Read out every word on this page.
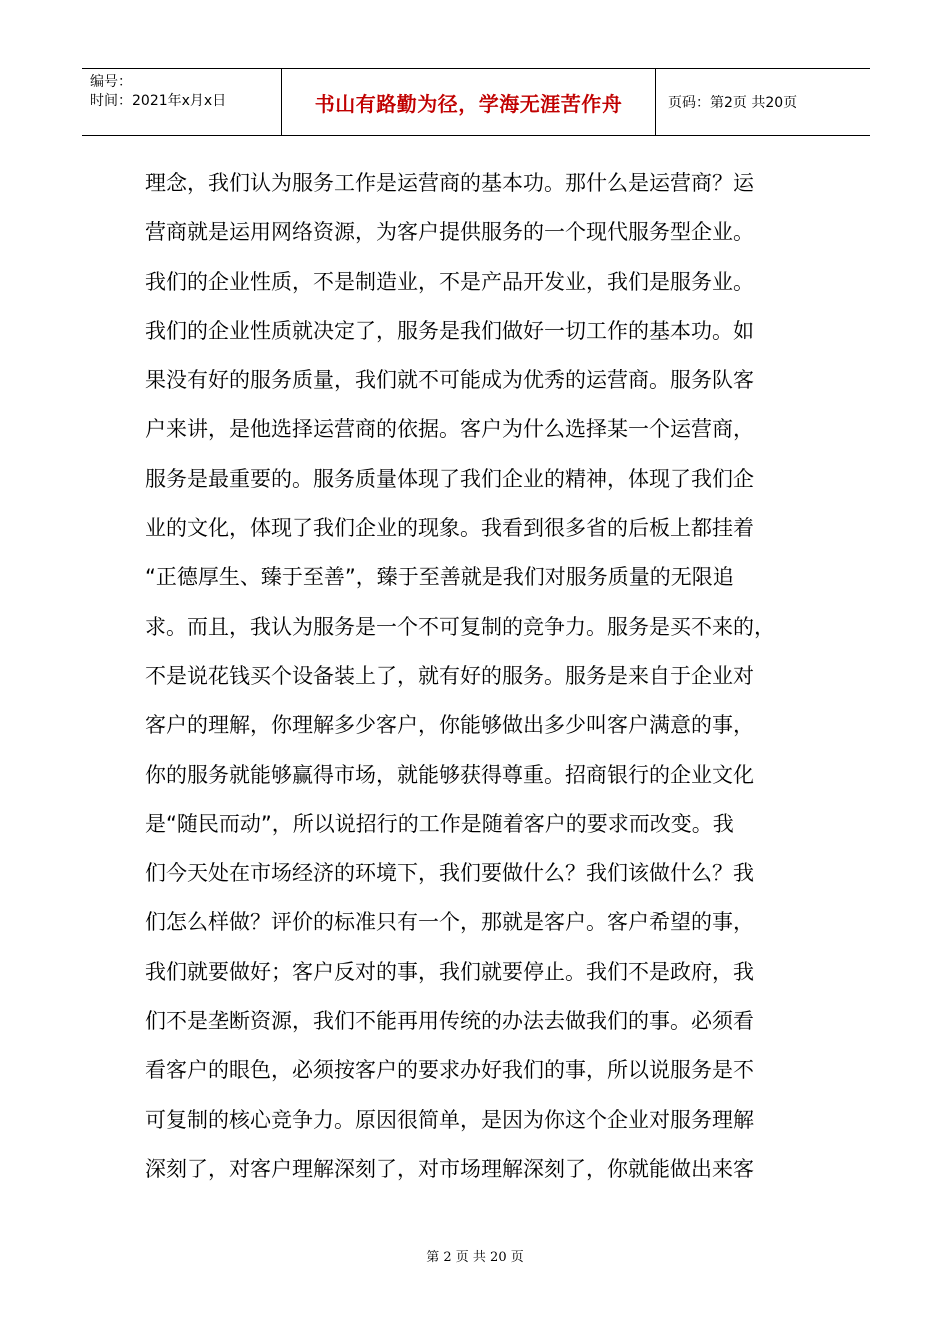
编号：
时间：2021年x月x日	书山有路勤为径，学海无涯苦作舟	页码：第2页 共20页
理念，我们认为服务工作是运营商的基本功。那什么是运营商？运
营商就是运用网络资源，为客户提供服务的一个现代服务型企业。
我们的企业性质，不是制造业，不是产品开发业，我们是服务业。
我们的企业性质就决定了，服务是我们做好一切工作的基本功。如
果没有好的服务质量，我们就不可能成为优秀的运营商。服务队客
户来讲，是他选择运营商的依据。客户为什么选择某一个运营商，
服务是最重要的。服务质量体现了我们企业的精神，体现了我们企
业的文化，体现了我们企业的现象。我看到很多省的后板上都挂着
“正德厚生、臻于至善”，臻于至善就是我们对服务质量的无限追
求。而且，我认为服务是一个不可复制的竞争力。服务是买不来的，
不是说花钱买个设备装上了，就有好的服务。服务是来自于企业对
客户的理解，你理解多少客户，你能够做出多少叫客户满意的事，
你的服务就能够赢得市场，就能够获得尊重。招商银行的企业文化
是“随民而动”，所以说招行的工作是随着客户的要求而改变。我
们今天处在市场经济的环境下，我们要做什么？我们该做什么？我
们怎么样做？评价的标准只有一个，那就是客户。客户希望的事，
我们就要做好；客户反对的事，我们就要停止。我们不是政府，我
们不是垄断资源，我们不能再用传统的办法去做我们的事。必须看
看客户的眼色，必须按客户的要求办好我们的事，所以说服务是不
可复制的核心竞争力。原因很简单，是因为你这个企业对服务理解
深刻了，对客户理解深刻了，对市场理解深刻了，你就能做出来客
第 2 页 共 20 页
